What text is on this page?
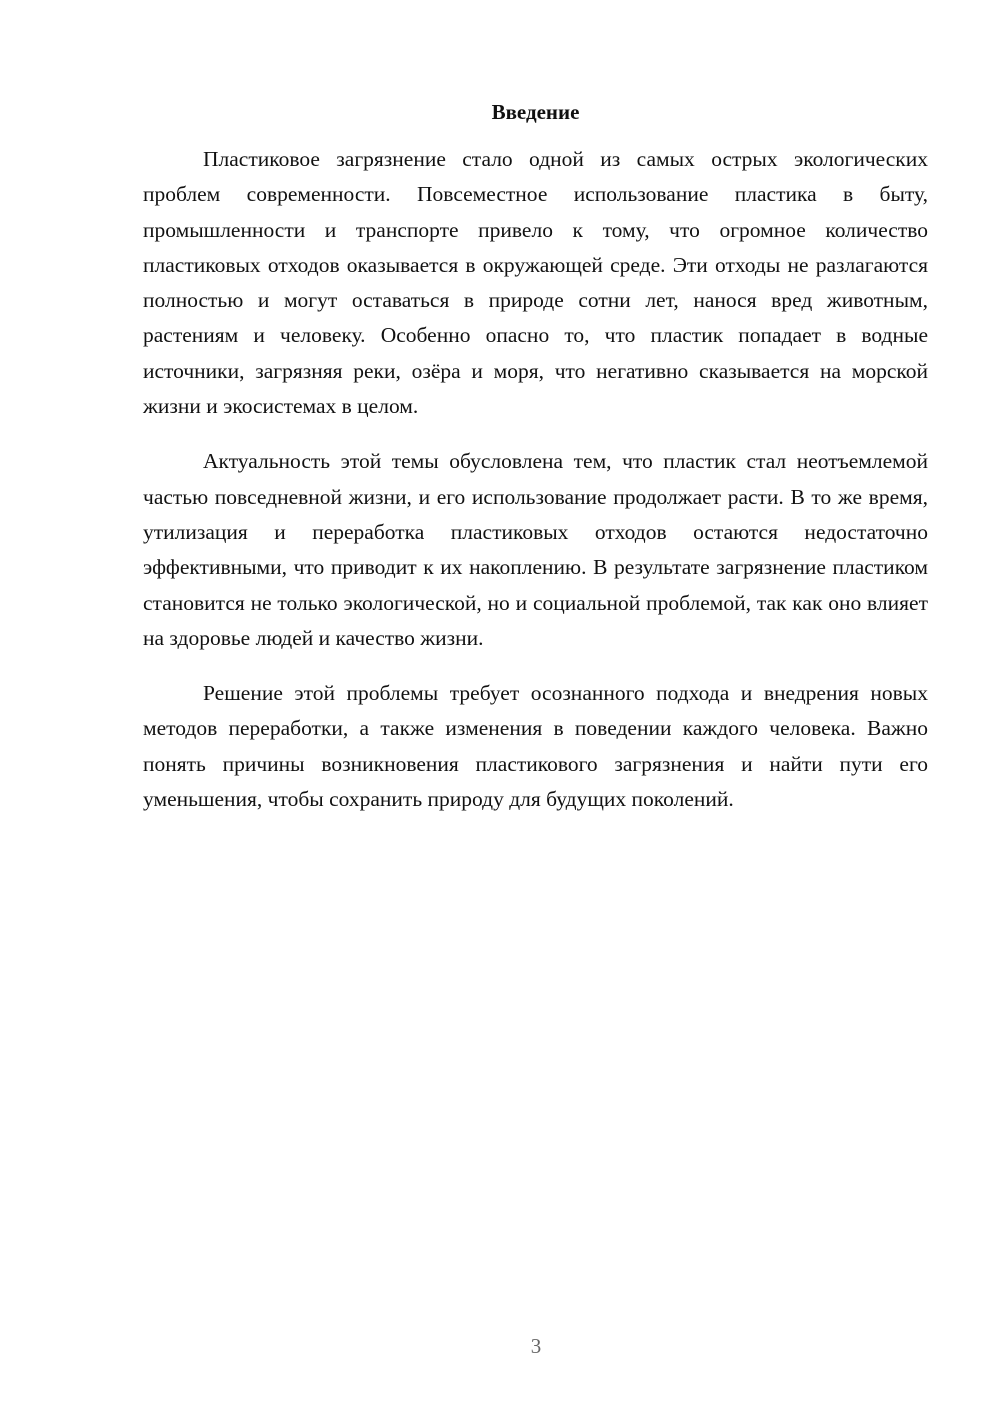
Введение

Пластиковое загрязнение стало одной из самых острых экологических проблем современности. Повсеместное использование пластика в быту, промышленности и транспорте привело к тому, что огромное количество пластиковых отходов оказывается в окружающей среде. Эти отходы не разлагаются полностью и могут оставаться в природе сотни лет, нанося вред животным, растениям и человеку. Особенно опасно то, что пластик попадает в водные источники, загрязняя реки, озёра и моря, что негативно сказывается на морской жизни и экосистемах в целом.

Актуальность этой темы обусловлена тем, что пластик стал неотъемлемой частью повседневной жизни, и его использование продолжает расти. В то же время, утилизация и переработка пластиковых отходов остаются недостаточно эффективными, что приводит к их накоплению. В результате загрязнение пластиком становится не только экологической, но и социальной проблемой, так как оно влияет на здоровье людей и качество жизни.

Решение этой проблемы требует осознанного подхода и внедрения новых методов переработки, а также изменения в поведении каждого человека. Важно понять причины возникновения пластикового загрязнения и найти пути его уменьшения, чтобы сохранить природу для будущих поколений.

3
